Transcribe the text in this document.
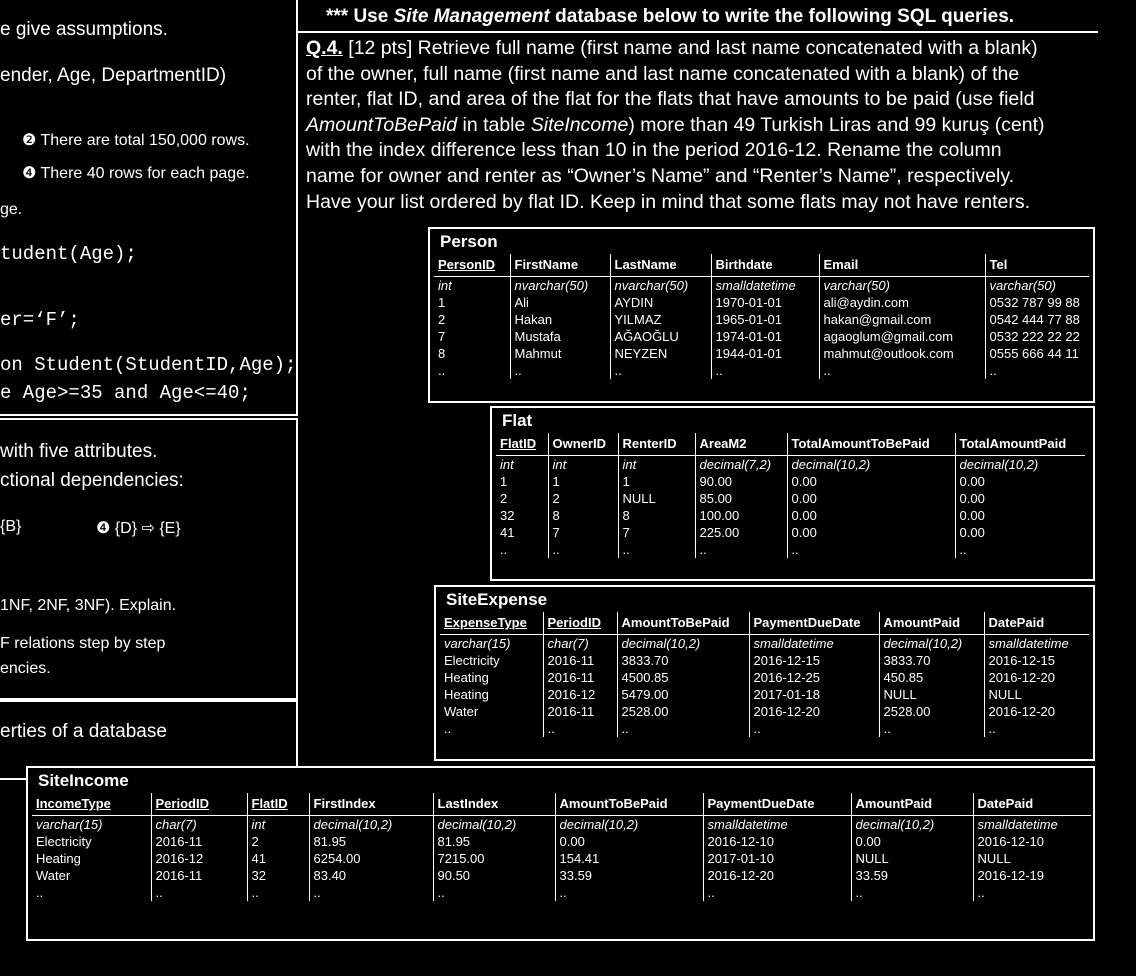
e give assumptions.
ender, Age, DepartmentID)
❷ There are total 150,000 rows.
❹ There 40 rows for each page.
ge.
tudent(Age);
er=‘F’;
on Student(StudentID,Age);
e Age>=35 and Age<=40;
with five attributes.
ctional dependencies:
{B}	❹ {D} ⇨ {E}
1NF, 2NF, 3NF). Explain.
F relations step by step
encies.
erties of a database
*** Use Site Management database below to write the following SQL queries.
Q.4. [12 pts] Retrieve full name (first name and last name concatenated with a blank)
of the owner, full name (first name and last name concatenated with a blank) of the
renter, flat ID, and area of the flat for the flats that have amounts to be paid (use field
AmountToBePaid in table SiteIncome) more than 49 Turkish Liras and 99 kuruş (cent)
with the index difference less than 10 in the period 2016-12. Rename the column
name for owner and renter as “Owner’s Name” and “Renter’s Name”, respectively.
Have your list ordered by flat ID. Keep in mind that some flats may not have renters.
Person
PersonID	FirstName	LastName	Birthdate	Email	Tel
int	nvarchar(50)	nvarchar(50)	smalldatetime	varchar(50)	varchar(50)
1	Ali	AYDIN	1970-01-01	ali@aydin.com	0532 787 99 88
2	Hakan	YILMAZ	1965-01-01	hakan@gmail.com	0542 444 77 88
7	Mustafa	AĞAOĞLU	1974-01-01	agaoglum@gmail.com	0532 222 22 22
8	Mahmut	NEYZEN	1944-01-01	mahmut@outlook.com	0555 666 44 11
..	..	..	..	..	..
Flat
FlatID	OwnerID	RenterID	AreaM2	TotalAmountToBePaid	TotalAmountPaid
int	int	int	decimal(7,2)	decimal(10,2)	decimal(10,2)
1	1	1	90.00	0.00	0.00
2	2	NULL	85.00	0.00	0.00
32	8	8	100.00	0.00	0.00
41	7	7	225.00	0.00	0.00
..	..	..	..	..	..
SiteExpense
ExpenseType	PeriodID	AmountToBePaid	PaymentDueDate	AmountPaid	DatePaid
varchar(15)	char(7)	decimal(10,2)	smalldatetime	decimal(10,2)	smalldatetime
Electricity	2016-11	3833.70	2016-12-15	3833.70	2016-12-15
Heating	2016-11	4500.85	2016-12-25	450.85	2016-12-20
Heating	2016-12	5479.00	2017-01-18	NULL	NULL
Water	2016-11	2528.00	2016-12-20	2528.00	2016-12-20
..	..	..	..	..	..
SiteIncome
IncomeType	PeriodID	FlatID	FirstIndex	LastIndex	AmountToBePaid	PaymentDueDate	AmountPaid	DatePaid
varchar(15)	char(7)	int	decimal(10,2)	decimal(10,2)	decimal(10,2)	smalldatetime	decimal(10,2)	smalldatetime
Electricity	2016-11	2	81.95	81.95	0.00	2016-12-10	0.00	2016-12-10
Heating	2016-12	41	6254.00	7215.00	154.41	2017-01-10	NULL	NULL
Water	2016-11	32	83.40	90.50	33.59	2016-12-20	33.59	2016-12-19
..	..	..	..	..	..	..	..	..
